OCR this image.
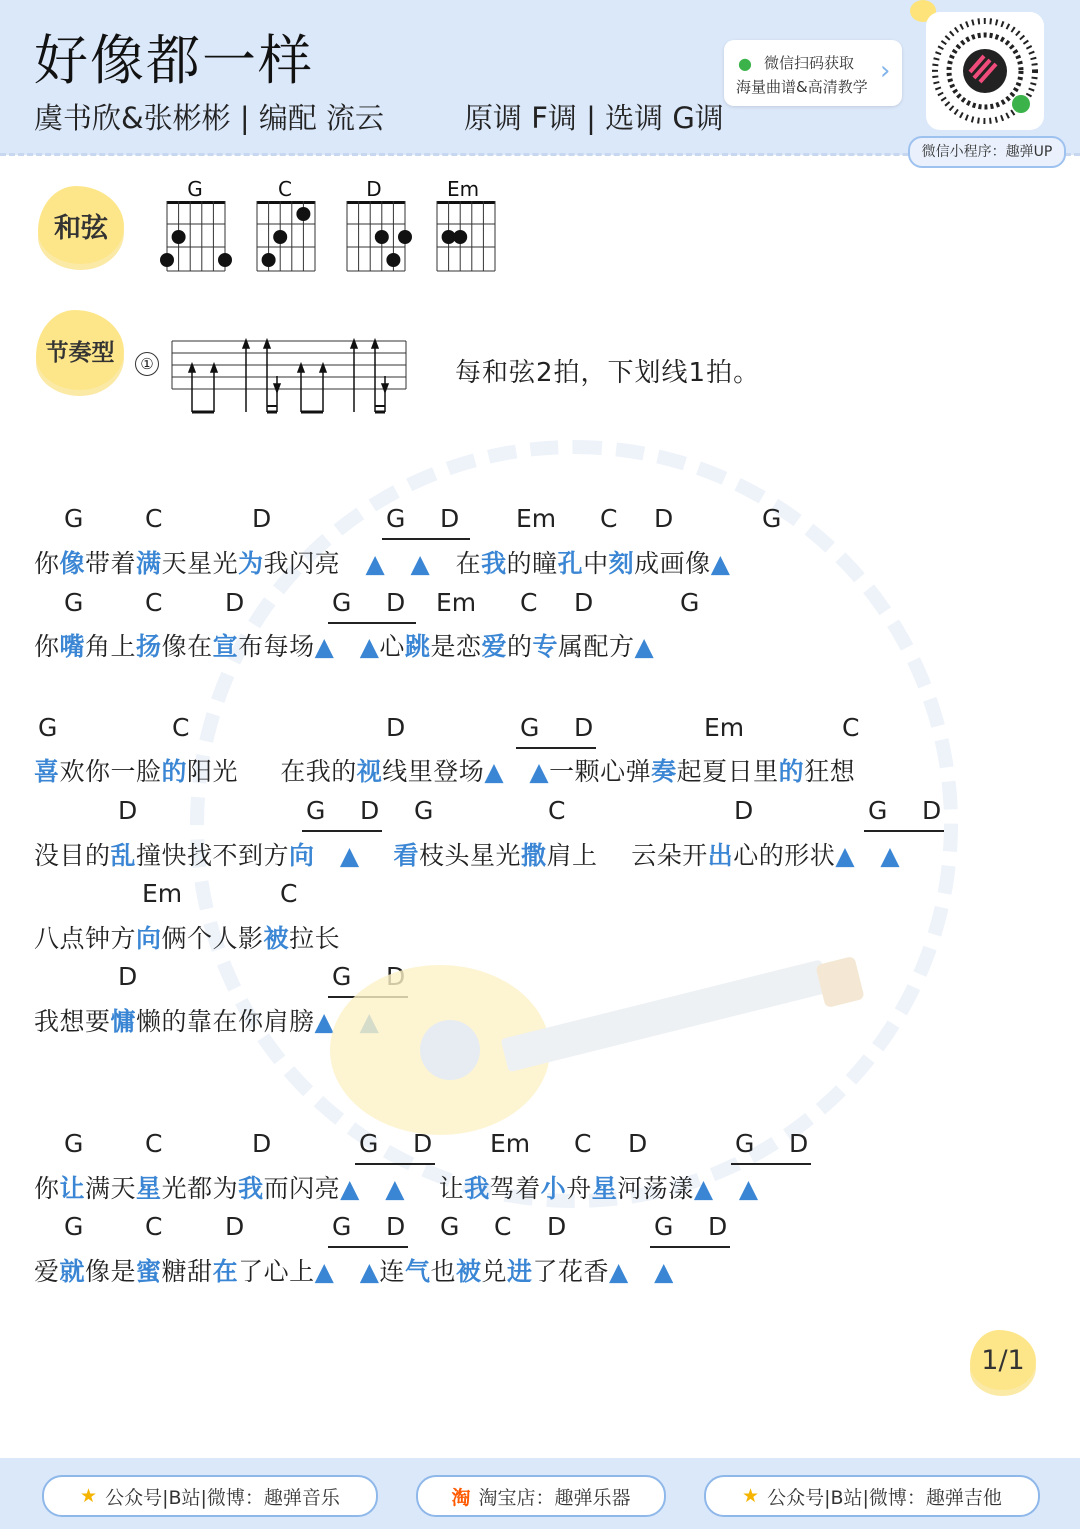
好像都一样
虞书欣&张彬彬 | 编配 流云	原调 F调 | 选调 G调
● 微信扫码获取
海量曲谱&高清教学
›
微信小程序：趣弹UP
和弦
G	C	D	Em
节奏型	①	每和弦2拍，下划线1拍。
G C	D	G D Em C D	G
你像带着满天星光为我闪亮   ▲ ▲   在我的瞳孔中刻成画像▲
G C	D	G D Em C D	G
你嘴角上扬像在宣布每场▲ ▲心跳是恋爱的专属配方▲
G	C	D	G D	Em	C
喜欢你一脸的阳光     在我的视线里登场▲ ▲一颗心弹奏起夏日里的狂想
D	G D G	C	D	G D
没目的乱撞快找不到方向 ▲ 看枝头星光撒肩上    云朵开出心的形状▲ ▲
Em	C
八点钟方向俩个人影被拉长
D	G
我想要慵懒的靠在你肩膀▲
G C	D	G D Em C D	G D
你让满天星光都为我而闪亮▲ ▲    让我驾着小舟星河荡漾▲ ▲
G C	D	G D G C D	G D
爱就像是蜜糖甜在了心上▲ ▲连气也被兑进了花香▲ ▲
1/1
★ 公众号|B站|微博：趣弹音乐	淘 淘宝店：趣弹乐器	★ 公众号|B站|微博：趣弹吉他
